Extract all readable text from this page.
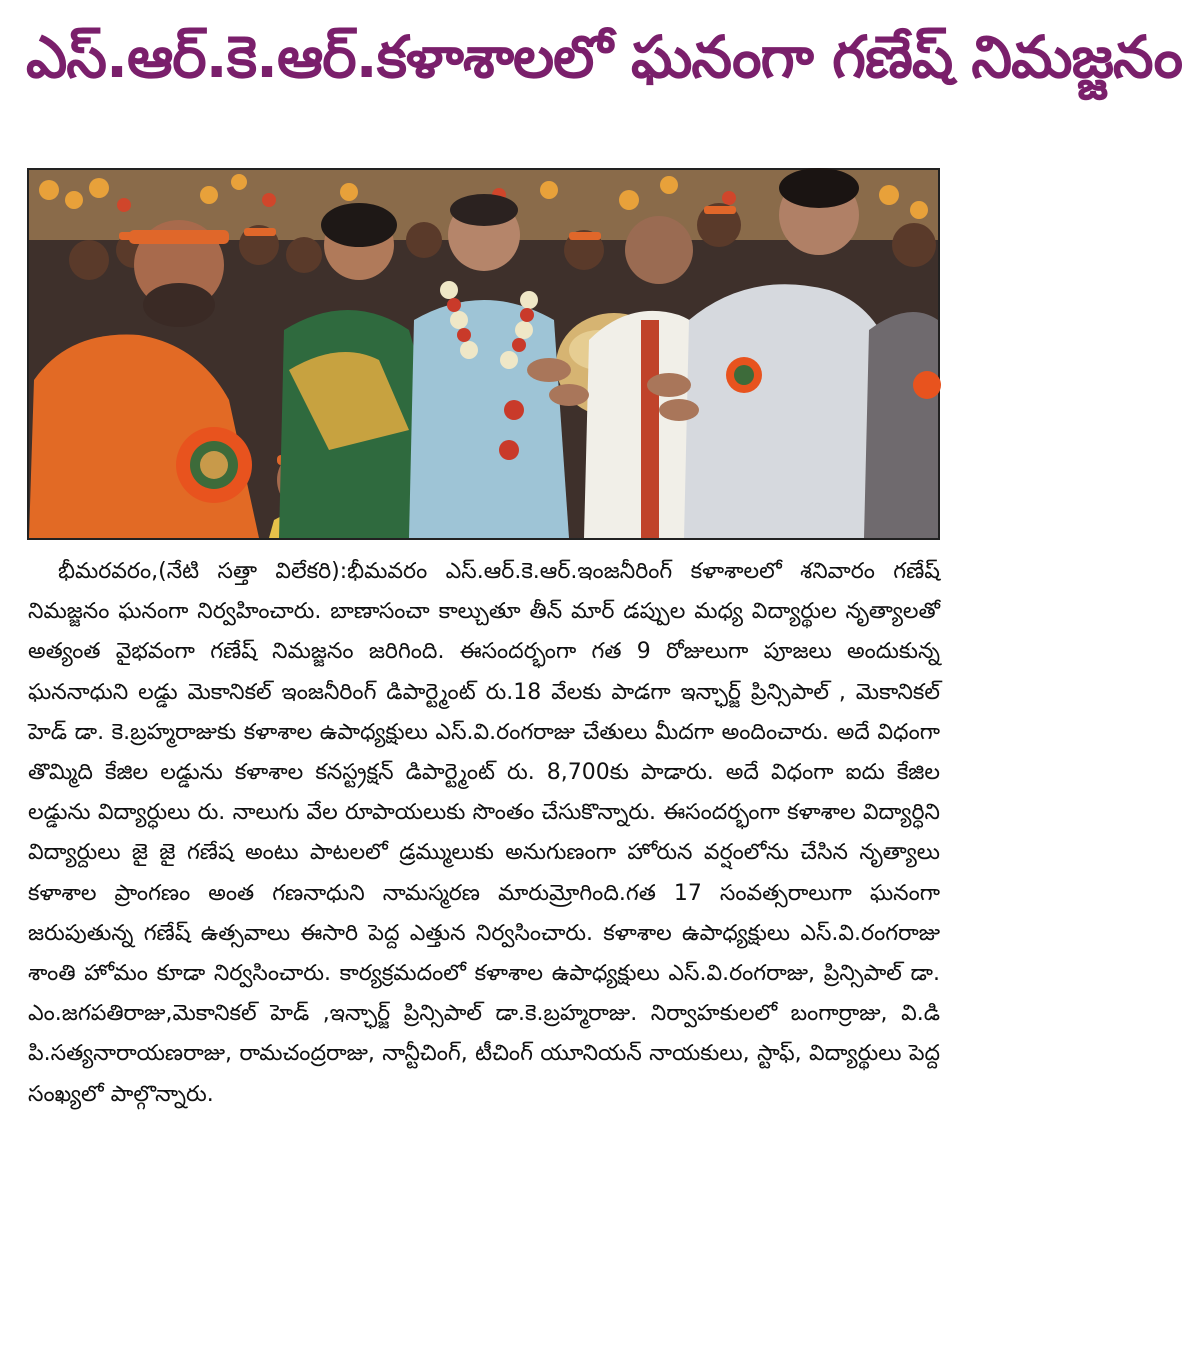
ఎస్.ఆర్.కె.ఆర్.కళాశాలలో ఘనంగా గణేష్ నిమజ్జనం

భీమరవరం,(నేటి సత్తా విలేకరి):భీమవరం ఎస్.ఆర్.కె.ఆర్.ఇంజనీరింగ్ కళాశాలలో శనివారం గణేష్ నిమజ్జనం ఘనంగా నిర్వహించారు. బాణాసంచా కాల్చుతూ తీన్ మార్ డప్పుల మధ్య విద్యార్థుల నృత్యాలతో అత్యంత వైభవంగా గణేష్ నిమజ్జనం జరిగింది. ఈసందర్భంగా గత 9 రోజులుగా పూజలు అందుకున్న ఘననాధుని లడ్డు మెకానికల్ ఇంజనీరింగ్ డిపార్ట్మెంట్ రు.18 వేలకు పాడగా ఇన్ఛార్జ్ ప్రిన్సిపాల్ , మెకానికల్ హెడ్ డా. కె.బ్రహ్మరాజుకు కళాశాల ఉపాధ్యక్షులు ఎస్.వి.రంగరాజు చేతులు మీదగా అందించారు. అదే విధంగా తొమ్మిది కేజిల లడ్డును కళాశాల కనస్ట్రక్షన్ డిపార్ట్మెంట్ రు. 8,700కు పాడారు. అదే విధంగా ఐదు కేజిల లడ్డును విద్యార్ధులు రు. నాలుగు వేల రూపాయలుకు సొంతం చేసుకొన్నారు. ఈసందర్భంగా కళాశాల విద్యార్ధిని విద్యార్దులు జై జై గణేష అంటు పాటలలో డ్రమ్ములుకు అనుగుణంగా హోరున వర్షంలోను చేసిన నృత్యాలు కళాశాల ప్రాంగణం అంత గణనాధుని నామస్మరణ మారుమ్రోగింది.గత 17 సంవత్సరాలుగా ఘనంగా జరుపుతున్న గణేష్ ఉత్సవాలు ఈసారి పెద్ద ఎత్తున నిర్వసించారు. కళాశాల ఉపాధ్యక్షులు ఎస్.వి.రంగరాజు శాంతి హోమం కూడా నిర్వసించారు. కార్యక్రమదంలో కళాశాల ఉపాధ్యక్షులు ఎస్.వి.రంగరాజు, ప్రిన్సిపాల్ డా. ఎం.జగపతిరాజు,మెకానికల్ హెడ్ ,ఇన్ఛార్జ్ ప్రిన్సిపాల్ డా.కె.బ్రహ్మరాజు. నిర్వాహకులలో బంగార్రాజు, వి.డి పి.సత్యనారాయణరాజు, రామచంద్రరాజు, నాన్టీచింగ్, టీచింగ్ యూనియన్ నాయకులు, స్టాఫ్, విద్యార్థులు పెద్ద సంఖ్యలో పాల్గొన్నారు.
